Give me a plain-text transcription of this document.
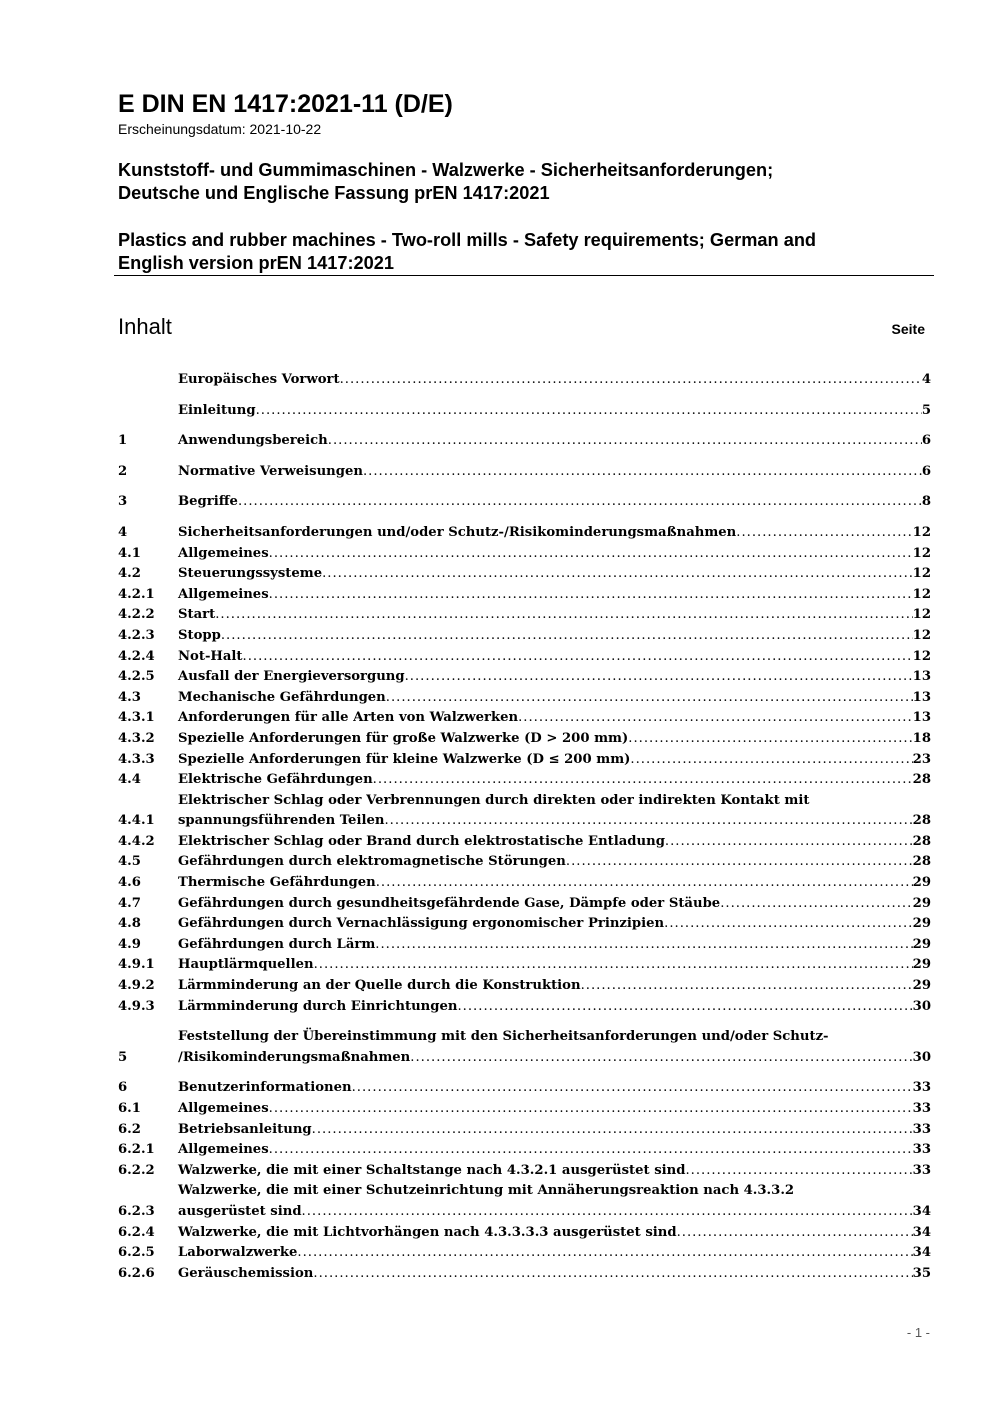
E DIN EN 1417:2021-11 (D/E)
Erscheinungsdatum: 2021-10-22
Kunststoff- und Gummimaschinen - Walzwerke - Sicherheitsanforderungen;
Deutsche und Englische Fassung prEN 1417:2021
Plastics and rubber machines - Two-roll mills - Safety requirements; German and
English version prEN 1417:2021
Inhalt	Seite
Europäisches Vorwort .....	4
Einleitung .....	5
1	Anwendungsbereich .....	6
2	Normative Verweisungen .....	6
3	Begriffe .....	8
4	Sicherheitsanforderungen und/oder Schutz-/Risikominderungsmaßnahmen .....	12
4.1	Allgemeines .....	12
4.2	Steuerungssysteme .....	12
4.2.1	Allgemeines .....	12
4.2.2	Start .....	12
4.2.3	Stopp .....	12
4.2.4	Not-Halt .....	12
4.2.5	Ausfall der Energieversorgung .....	13
4.3	Mechanische Gefährdungen .....	13
4.3.1	Anforderungen für alle Arten von Walzwerken .....	13
4.3.2	Spezielle Anforderungen für große Walzwerke (D > 200 mm) .....	18
4.3.3	Spezielle Anforderungen für kleine Walzwerke (D ≤ 200 mm) .....	23
4.4	Elektrische Gefährdungen .....	28
4.4.1
Elektrischer Schlag oder Verbrennungen durch direkten oder indirekten Kontakt mit
spannungsführenden Teilen .....	28
4.4.2	Elektrischer Schlag oder Brand durch elektrostatische Entladung .....	28
4.5	Gefährdungen durch elektromagnetische Störungen .....	28
4.6	Thermische Gefährdungen .....	29
4.7	Gefährdungen durch gesundheitsgefährdende Gase, Dämpfe oder Stäube .....	29
4.8	Gefährdungen durch Vernachlässigung ergonomischer Prinzipien .....	29
4.9	Gefährdungen durch Lärm .....	29
4.9.1	Hauptlärmquellen .....	29
4.9.2	Lärmminderung an der Quelle durch die Konstruktion .....	29
4.9.3	Lärmminderung durch Einrichtungen .....	30
5
Feststellung der Übereinstimmung mit den Sicherheitsanforderungen und/oder Schutz-
/Risikominderungsmaßnahmen .....	30
6	Benutzerinformationen .....	33
6.1	Allgemeines .....	33
6.2	Betriebsanleitung .....	33
6.2.1	Allgemeines .....	33
6.2.2	Walzwerke, die mit einer Schaltstange nach 4.3.2.1 ausgerüstet sind .....	33
6.2.3
Walzwerke, die mit einer Schutzeinrichtung mit Annäherungsreaktion nach 4.3.3.2
ausgerüstet sind .....	34
6.2.4	Walzwerke, die mit Lichtvorhängen nach 4.3.3.3.3 ausgerüstet sind .....	34
6.2.5	Laborwalzwerke .....	34
6.2.6	Geräuschemission .....	35
- 1 -
